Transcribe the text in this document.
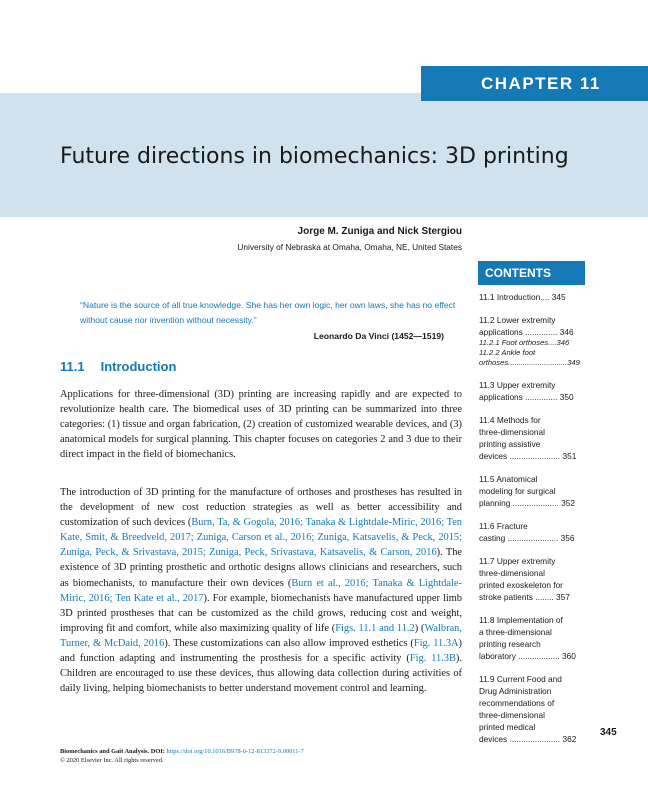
CHAPTER 11
Future directions in biomechanics: 3D printing
Jorge M. Zuniga and Nick Stergiou
University of Nebraska at Omaha, Omaha, NE, United States
“Nature is the source of all true knowledge. She has her own logic, her own laws, she has no effect without cause nor invention without necessity.”
Leonardo Da Vinci (1452—1519)
11.1 Introduction

Applications for three-dimensional (3D) printing are increasing rapidly and are expected to revolutionize health care. The biomedical uses of 3D printing can be summarized into three categories: (1) tissue and organ fabrication, (2) creation of customized wearable devices, and (3) anatomical models for surgical planning. This chapter focuses on categories 2 and 3 due to their direct impact in the field of biomechanics.

The introduction of 3D printing for the manufacture of orthoses and prostheses has resulted in the development of new cost reduction strategies as well as better accessibility and customization of such devices (Burn, Ta, & Gogola, 2016; Tanaka & Lightdale-Miric, 2016; Ten Kate, Smit, & Breedveld, 2017; Zuniga, Carson et al., 2016; Zuniga, Katsavelis, & Peck, 2015; Zuniga, Peck, & Srivastava, 2015; Zuniga, Peck, Srivastava, Katsavelis, & Carson, 2016). The existence of 3D printing prosthetic and orthotic designs allows clinicians and researchers, such as biomechanists, to manufacture their own devices (Burn et al., 2016; Tanaka & Lightdale-Miric, 2016; Ten Kate et al., 2017). For example, biomechanists have manufactured upper limb 3D printed prostheses that can be customized as the child grows, reducing cost and weight, improving fit and comfort, while also maximizing quality of life (Figs. 11.1 and 11.2) (Walbran, Turner, & McDaid, 2016). These customizations can also allow improved esthetics (Fig. 11.3A) and function adapting and instrumenting the prosthesis for a specific activity (Fig. 11.3B). Children are encouraged to use these devices, thus allowing data collection during activities of daily living, helping biomechanists to better understand movement control and learning.

CONTENTS
11.1 Introduction.... 345
11.2 Lower extremity
applications .............. 346
11.2.1 Foot orthoses....346
11.2.2 Ankle foot
orthoses............................349
11.3 Upper extremity
applications .............. 350
11.4 Methods for
three-dimensional
printing assistive
devices ...................... 351
11.5 Anatomical
modeling for surgical
planning .................... 352
11.6 Fracture
casting ...................... 356
11.7 Upper extremity
three-dimensional
printed exoskeleton for
stroke patients ........ 357
11.8 Implementation of
a three-dimensional
printing research
laboratory .................. 360
11.9 Current Food and
Drug Administration
recommendations of
three-dimensional
printed medical
devices ...................... 362
345
Biomechanics and Gait Analysis. DOI: https://doi.org/10.1016/B978-0-12-813372-9.00011-7
© 2020 Elsevier Inc. All rights reserved.
